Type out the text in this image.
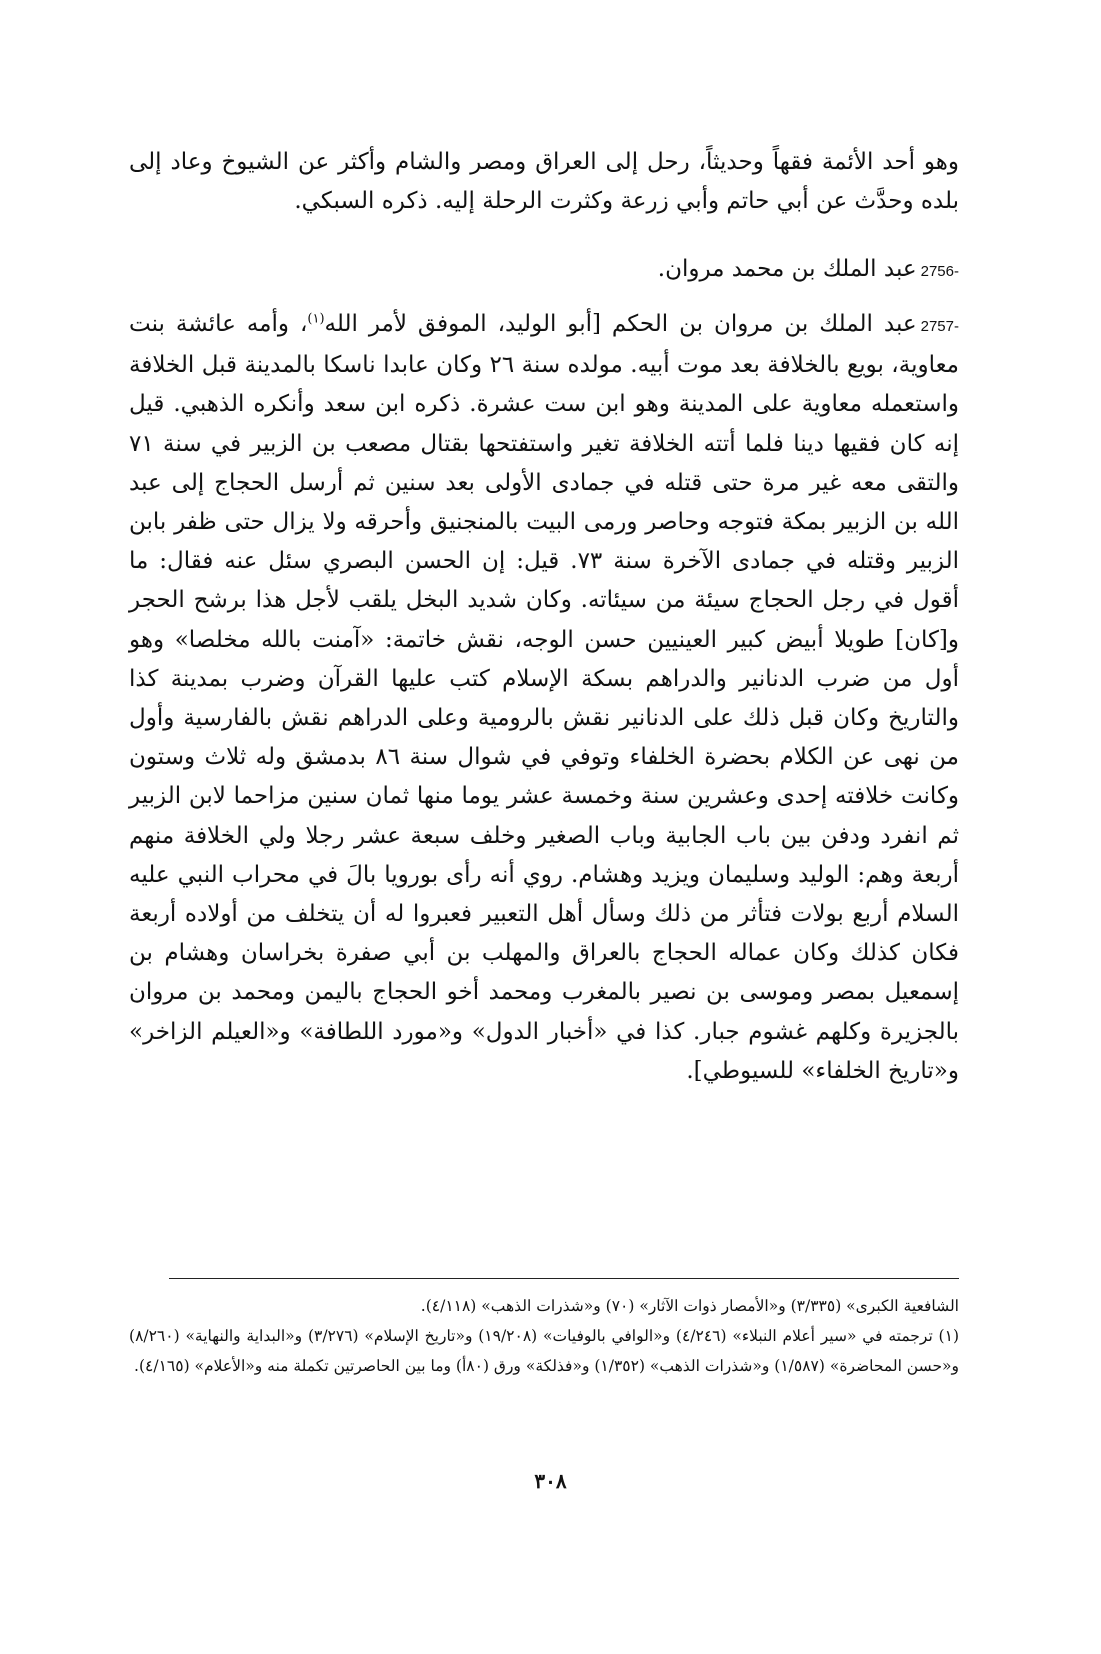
وهو أحد الأئمة فقهاً وحديثاً، رحل إلى العراق ومصر والشام وأكثر عن الشيوخ وعاد إلى بلده وحدَّث عن أبي حاتم وأبي زرعة وكثرت الرحلة إليه. ذكره السبكي.

2756-عبد الملك بن محمد مروان.

2757-عبد الملك بن مروان بن الحكم [أبو الوليد، الموفق لأمر الله$^{(١)}$، وأمه عائشة بنت معاوية، بويع بالخلافة بعد موت أبيه. مولده سنة ٢٦ وكان عابدا ناسكا بالمدينة قبل الخلافة واستعمله معاوية على المدينة وهو ابن ست عشرة. ذكره ابن سعد وأنكره الذهبي. قيل إنه كان فقيها دينا فلما أتته الخلافة تغير واستفتحها بقتال مصعب بن الزبير في سنة ٧١ والتقى معه غير مرة حتى قتله في جمادى الأولى بعد سنين ثم أرسل الحجاج إلى عبد الله بن الزبير بمكة فتوجه وحاصر ورمى البيت بالمنجنيق وأحرقه ولا يزال حتى ظفر بابن الزبير وقتله في جمادى الآخرة سنة ٧٣. قيل: إن الحسن البصري سئل عنه فقال: ما أقول في رجل الحجاج سيئة من سيئاته. وكان شديد البخل يلقب لأجل هذا برشح الحجر و[كان] طويلا أبيض كبير العينيين حسن الوجه، نقش خاتمة: «آمنت بالله مخلصا» وهو أول من ضرب الدنانير والدراهم بسكة الإسلام كتب عليها القرآن وضرب بمدينة كذا والتاريخ وكان قبل ذلك على الدنانير نقش بالرومية وعلى الدراهم نقش بالفارسية وأول من نهى عن الكلام بحضرة الخلفاء وتوفي في شوال سنة ٨٦ بدمشق وله ثلاث وستون وكانت خلافته إحدى وعشرين سنة وخمسة عشر يوما منها ثمان سنين مزاحما لابن الزبير ثم انفرد ودفن بين باب الجابية وباب الصغير وخلف سبعة عشر رجلا ولي الخلافة منهم أربعة وهم: الوليد وسليمان ويزيد وهشام. روي أنه رأى بورويا بالَ في محراب النبي عليه السلام أربع بولات فتأثر من ذلك وسأل أهل التعبير فعبروا له أن يتخلف من أولاده أربعة فكان كذلك وكان عماله الحجاج بالعراق والمهلب بن أبي صفرة بخراسان وهشام بن إسمعيل بمصر وموسى بن نصير بالمغرب ومحمد أخو الحجاج باليمن ومحمد بن مروان بالجزيرة وكلهم غشوم جبار. كذا في «أخبار الدول» و«مورد اللطافة» و«العيلم الزاخر» و«تاريخ الخلفاء» للسيوطي].

الشافعية الكبرى» (٣/٣٣٥) و«الأمصار ذوات الآثار» (٧٠) و«شذرات الذهب» (٤/١١٨).

(١) ترجمته في «سير أعلام النبلاء» (٤/٢٤٦) و«الوافي بالوفيات» (١٩/٢٠٨) و«تاريخ الإسلام» (٣/٢٧٦) و«البداية والنهاية» (٨/٢٦٠) و«حسن المحاضرة» (١/٥٨٧) و«شذرات الذهب» (١/٣٥٢) و«فذلكة» ورق (٨٠أ) وما بين الحاصرتين تكملة منه و«الأعلام» (٤/١٦٥).

٣٠٨
